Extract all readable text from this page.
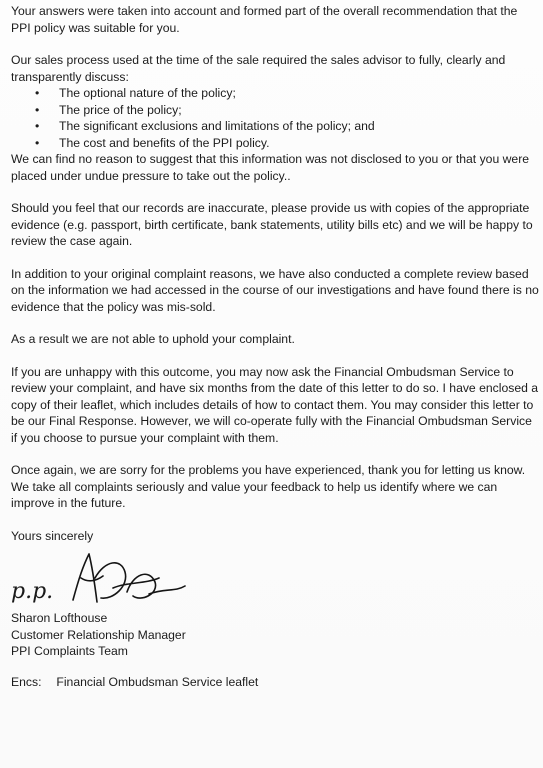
Your answers were taken into account and formed part of the overall recommendation that the PPI policy was suitable for you.

Our sales process used at the time of the sale required the sales advisor to fully, clearly and transparently discuss:

• The optional nature of the policy;
• The price of the policy;
• The significant exclusions and limitations of the policy; and
• The cost and benefits of the PPI policy.

We can find no reason to suggest that this information was not disclosed to you or that you were placed under undue pressure to take out the policy..

Should you feel that our records are inaccurate, please provide us with copies of the appropriate evidence (e.g. passport, birth certificate, bank statements, utility bills etc) and we will be happy to review the case again.

In addition to your original complaint reasons, we have also conducted a complete review based on the information we had accessed in the course of our investigations and have found there is no evidence that the policy was mis-sold.

As a result we are not able to uphold your complaint.

If you are unhappy with this outcome, you may now ask the Financial Ombudsman Service to review your complaint, and have six months from the date of this letter to do so. I have enclosed a copy of their leaflet, which includes details of how to contact them. You may consider this letter to be our Final Response. However, we will co-operate fully with the Financial Ombudsman Service if you choose to pursue your complaint with them.

Once again, we are sorry for the problems you have experienced, thank you for letting us know. We take all complaints seriously and value your feedback to help us identify where we can improve in the future.

Yours sincerely

p.p.

Sharon Lofthouse

Customer Relationship Manager

PPI Complaints Team

Encs: Financial Ombudsman Service leaflet
